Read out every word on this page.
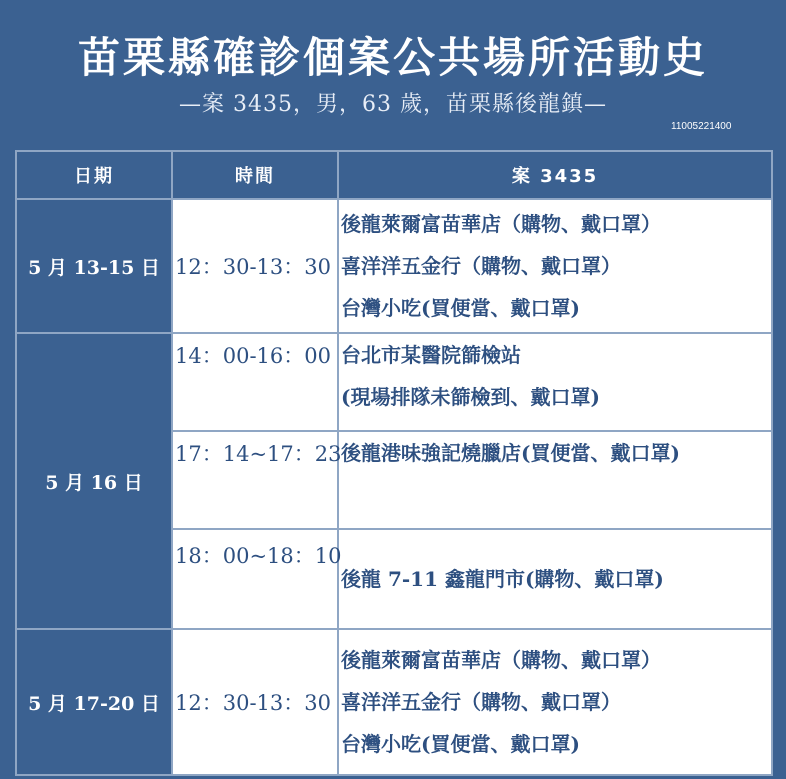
苗栗縣確診個案公共場所活動史
—案 3435，男，63 歲，苗栗縣後龍鎮—
11005221400
日期	時間	案 3435
5 月 13-15 日	12：30-13：30	後龍萊爾富苗華店（購物、戴口罩）
喜洋洋五金行（購物、戴口罩）
台灣小吃(買便當、戴口罩)

5 月 16 日	14：00-16：00	台北市某醫院篩檢站
(現場排隊未篩檢到、戴口罩)

	17：14~17：23	後龍港味強記燒臘店(買便當、戴口罩)
	18：00~18：10	後龍 7-11 鑫龍門市(購物、戴口罩)

5 月 17-20 日	12：30-13：30	後龍萊爾富苗華店（購物、戴口罩）
喜洋洋五金行（購物、戴口罩）
台灣小吃(買便當、戴口罩)
